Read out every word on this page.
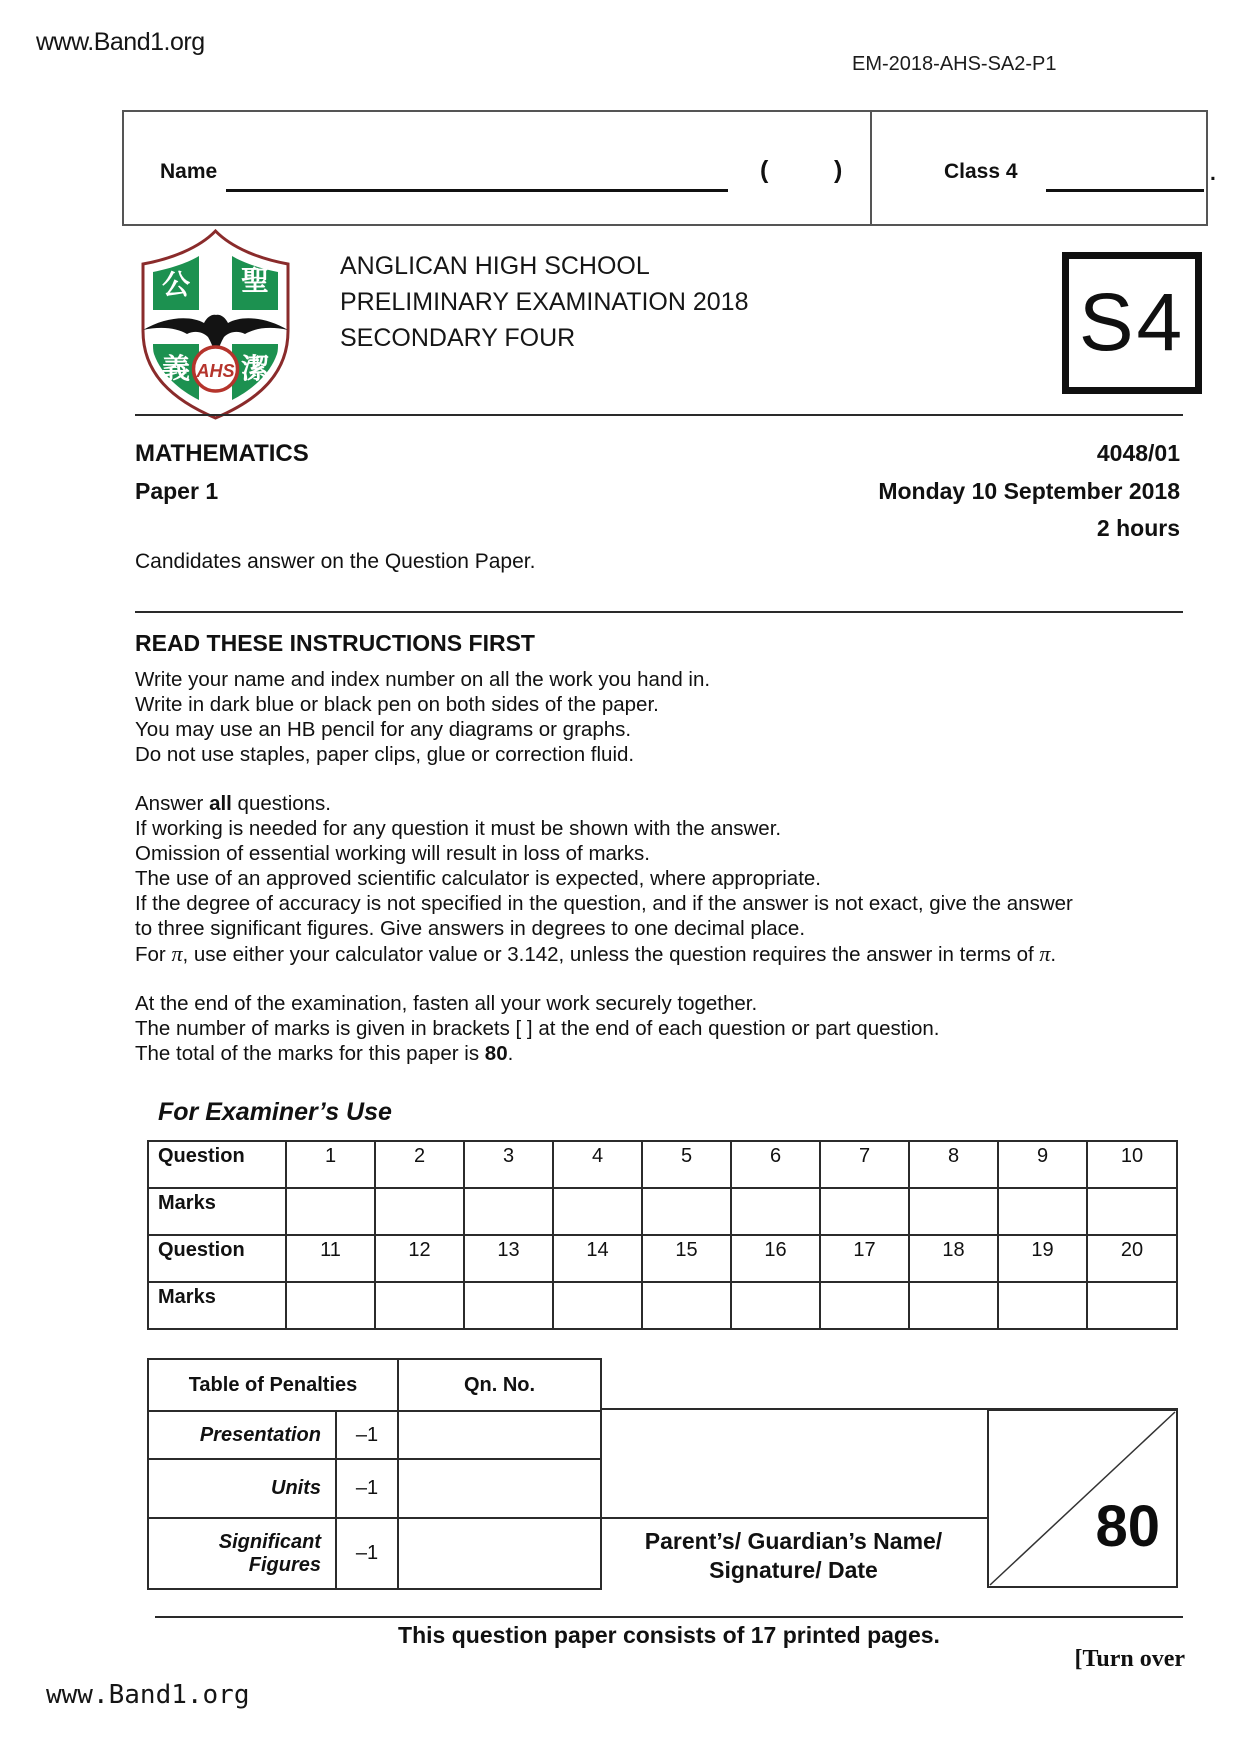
www.Band1.org
EM-2018-AHS-SA2-P1
Name	(	)	Class 4	.
公 聖
義 潔
AHS
ANGLICAN HIGH SCHOOL
PRELIMINARY EXAMINATION 2018
SECONDARY FOUR	S4
MATHEMATICS	4048/01
Paper 1	Monday 10 September 2018
2 hours
Candidates answer on the Question Paper.
READ THESE INSTRUCTIONS FIRST
Write your name and index number on all the work you hand in.
Write in dark blue or black pen on both sides of the paper.
You may use an HB pencil for any diagrams or graphs.
Do not use staples, paper clips, glue or correction fluid.
Answer all questions.
If working is needed for any question it must be shown with the answer.
Omission of essential working will result in loss of marks.
The use of an approved scientific calculator is expected, where appropriate.
If the degree of accuracy is not specified in the question, and if the answer is not exact, give the answer
to three significant figures. Give answers in degrees to one decimal place.
For π, use either your calculator value or 3.142, unless the question requires the answer in terms of π.
At the end of the examination, fasten all your work securely together.
The number of marks is given in brackets [ ] at the end of each question or part question.
The total of the marks for this paper is 80.
For Examiner’s Use
Question	1	2	3	4	5	6	7	8	9	10
Marks										
Question	11	12	13	14	15	16	17	18	19	20
Marks										
Table of Penalties		Qn. No.
Presentation	–1	
Units	–1	
Significant Figures	–1		Parent’s/ Guardian’s Name/
Signature/ Date
80
This question paper consists of 17 printed pages.
[Turn over
www.Band1.org
